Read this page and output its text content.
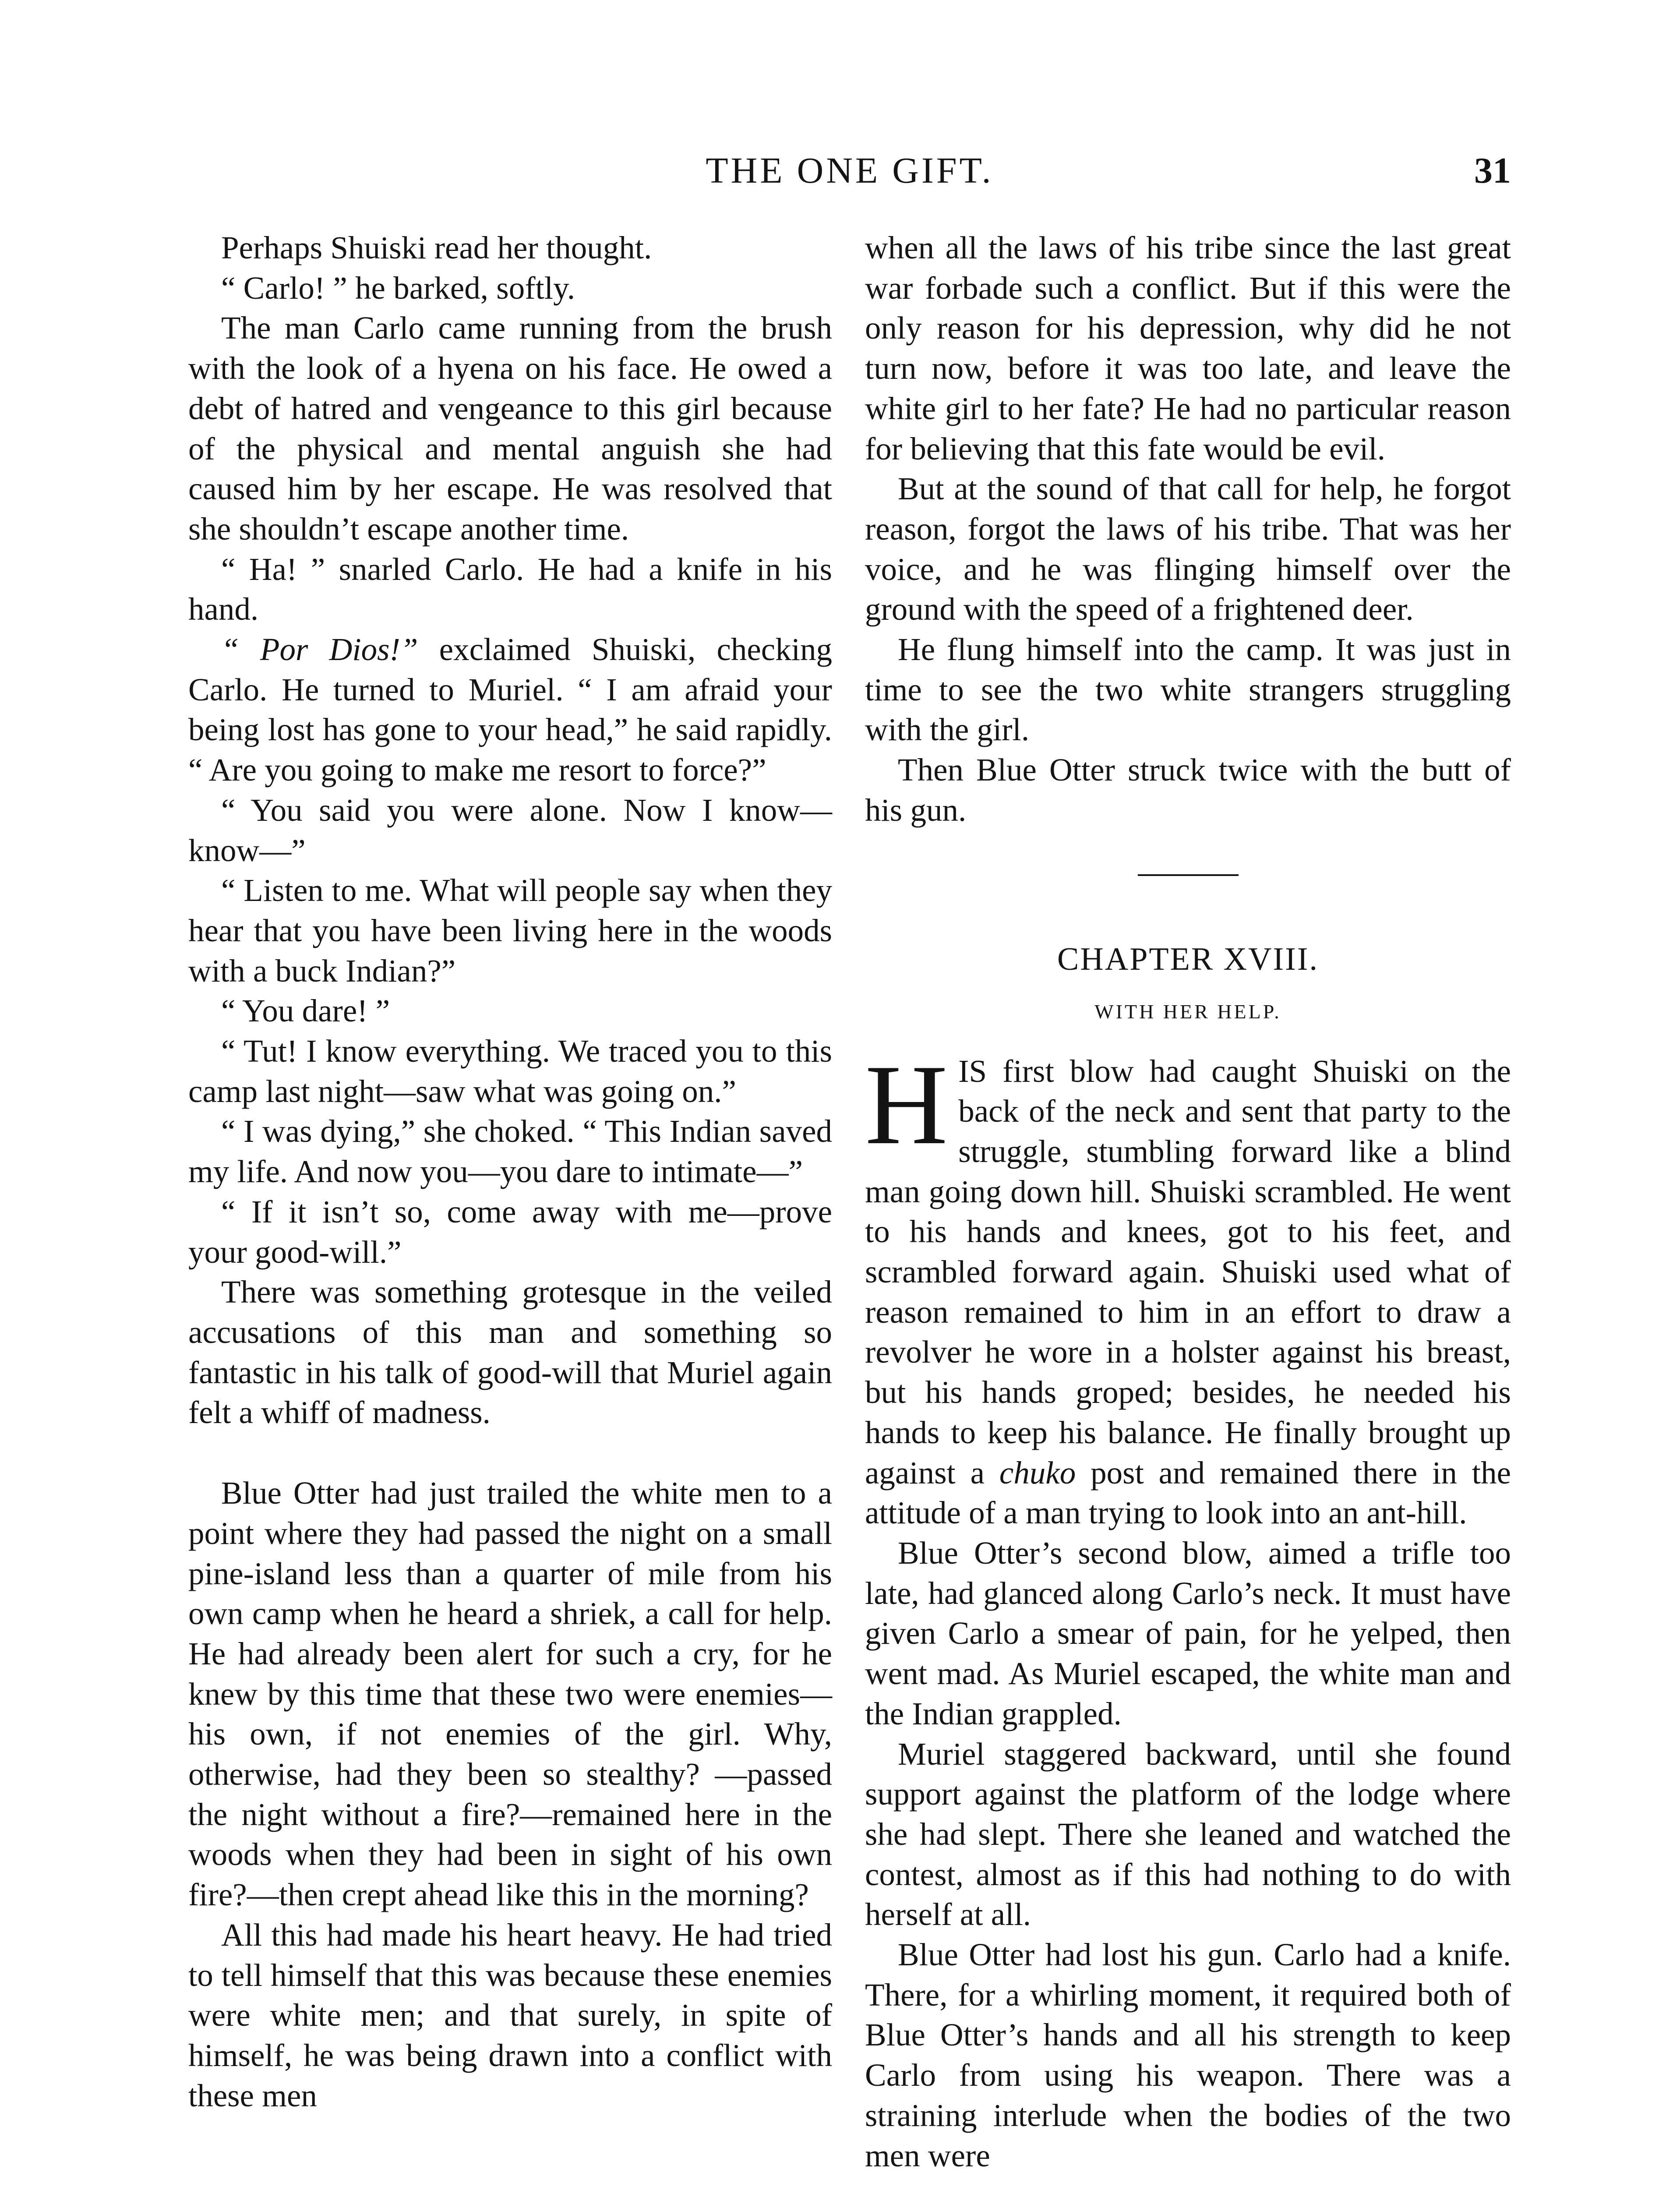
THE ONE GIFT.	31

Perhaps Shuiski read her thought.

“ Carlo! ” he barked, softly.

The man Carlo came running from the brush with the look of a hyena on his face. He owed a debt of hatred and vengeance to this girl because of the physical and mental anguish she had caused him by her escape. He was resolved that she shouldn’t escape another time.

“ Ha! ” snarled Carlo. He had a knife in his hand.

“ Por Dios!” exclaimed Shuiski, checking Carlo. He turned to Muriel. “ I am afraid your being lost has gone to your head,” he said rapidly. “ Are you going to make me resort to force?”

“ You said you were alone. Now I know—know—”

“ Listen to me. What will people say when they hear that you have been living here in the woods with a buck Indian?”

“ You dare! ”

“ Tut! I know everything. We traced you to this camp last night—saw what was going on.”

“ I was dying,” she choked. “ This Indian saved my life. And now you—you dare to intimate—”

“ If it isn’t so, come away with me—prove your good-will.”

There was something grotesque in the veiled accusations of this man and something so fantastic in his talk of good-will that Muriel again felt a whiff of madness.

Blue Otter had just trailed the white men to a point where they had passed the night on a small pine-island less than a quarter of mile from his own camp when he heard a shriek, a call for help. He had already been alert for such a cry, for he knew by this time that these two were enemies—his own, if not enemies of the girl. Why, otherwise, had they been so stealthy? —passed the night without a fire?—remained here in the woods when they had been in sight of his own fire?—then crept ahead like this in the morning?

All this had made his heart heavy. He had tried to tell himself that this was because these enemies were white men; and that surely, in spite of himself, he was being drawn into a conflict with these men

when all the laws of his tribe since the last great war forbade such a conflict. But if this were the only reason for his depression, why did he not turn now, before it was too late, and leave the white girl to her fate? He had no particular reason for believing that this fate would be evil.

But at the sound of that call for help, he forgot reason, forgot the laws of his tribe. That was her voice, and he was flinging himself over the ground with the speed of a frightened deer.

He flung himself into the camp. It was just in time to see the two white strangers struggling with the girl.

Then Blue Otter struck twice with the butt of his gun.

CHAPTER XVIII.

WITH HER HELP.

HIS first blow had caught Shuiski on the back of the neck and sent that party to the struggle, stumbling forward like a blind man going down hill. Shuiski scrambled. He went to his hands and knees, got to his feet, and scrambled forward again. Shuiski used what of reason remained to him in an effort to draw a revolver he wore in a holster against his breast, but his hands groped; besides, he needed his hands to keep his balance. He finally brought up against a chuko post and remained there in the attitude of a man trying to look into an ant-hill.

Blue Otter’s second blow, aimed a trifle too late, had glanced along Carlo’s neck. It must have given Carlo a smear of pain, for he yelped, then went mad. As Muriel escaped, the white man and the Indian grappled.

Muriel staggered backward, until she found support against the platform of the lodge where she had slept. There she leaned and watched the contest, almost as if this had nothing to do with herself at all.

Blue Otter had lost his gun. Carlo had a knife. There, for a whirling moment, it required both of Blue Otter’s hands and all his strength to keep Carlo from using his weapon. There was a straining interlude when the bodies of the two men were
